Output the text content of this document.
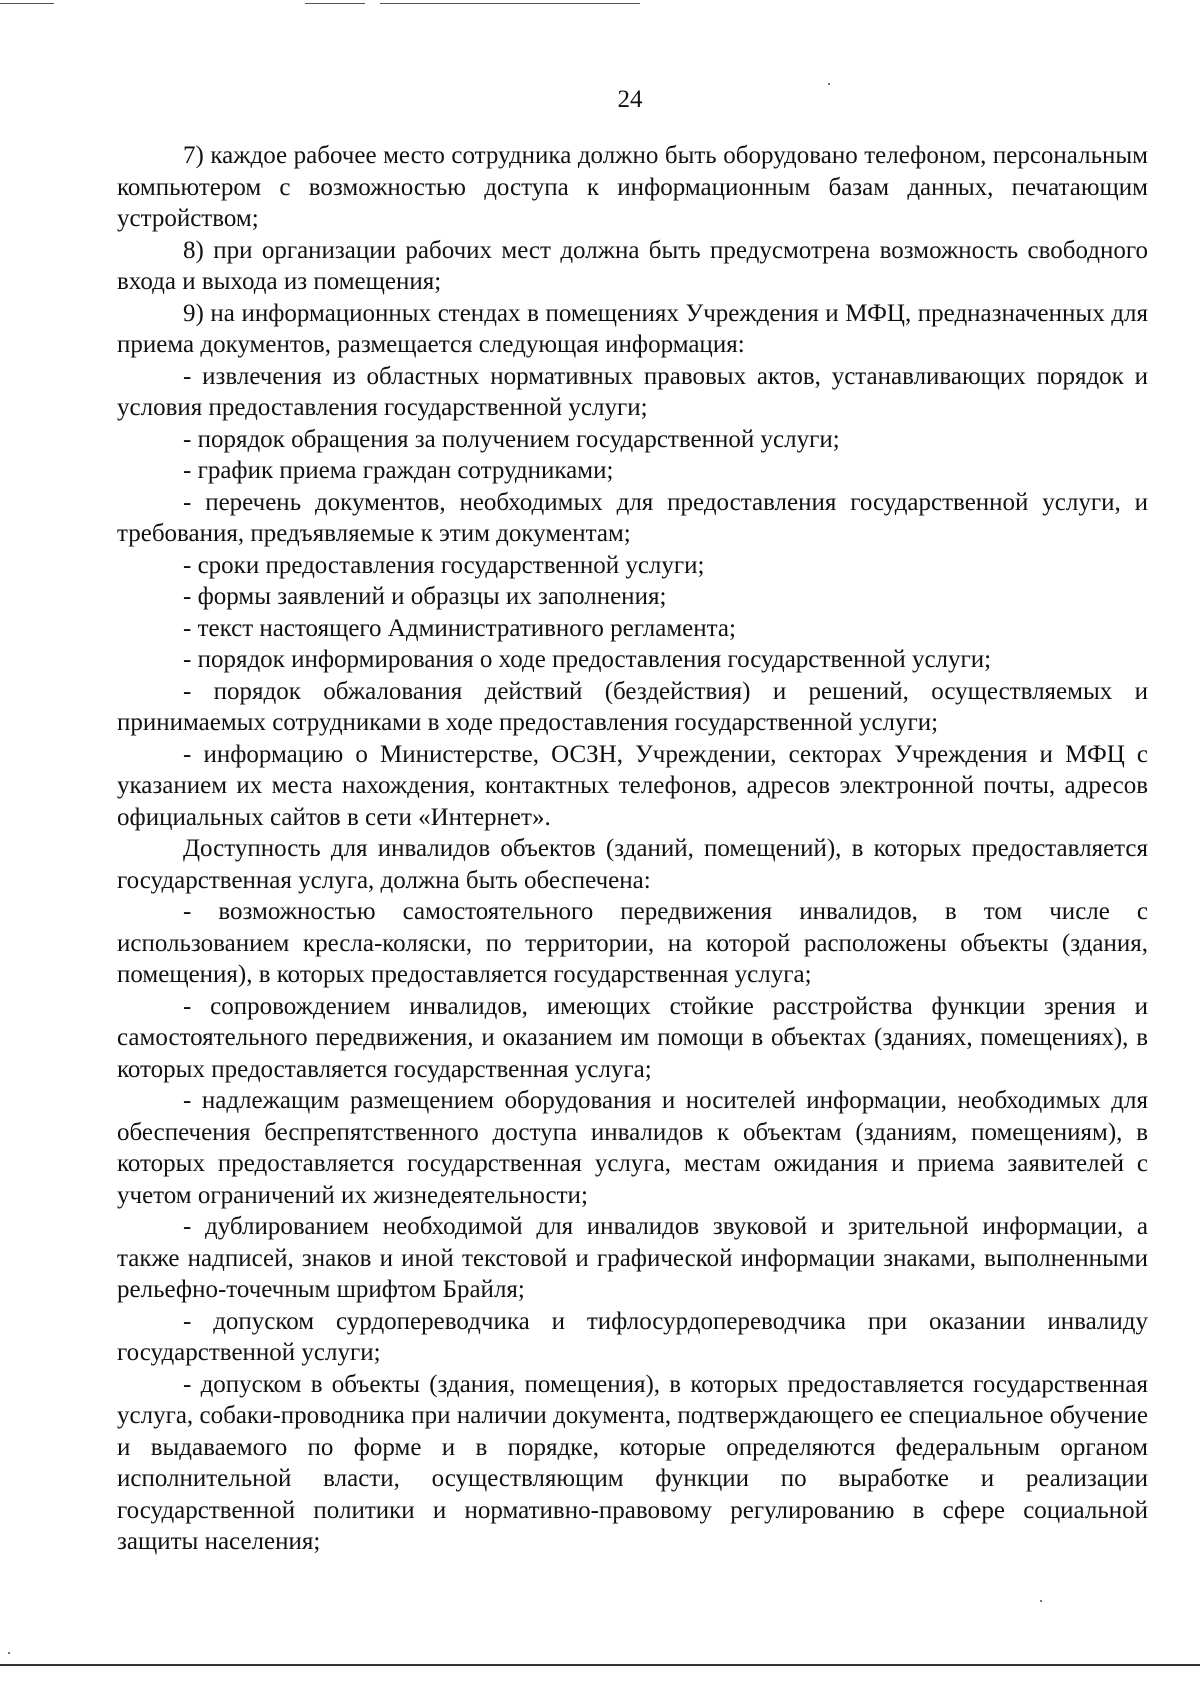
24

7) каждое рабочее место сотрудника должно быть оборудовано телефоном, персональным компьютером с возможностью доступа к информационным базам данных, печатающим устройством;

8) при организации рабочих мест должна быть предусмотрена возможность свободного входа и выхода из помещения;

9) на информационных стендах в помещениях Учреждения и МФЦ, предназначенных для приема документов, размещается следующая информация:

- извлечения из областных нормативных правовых актов, устанавливающих порядок и условия предоставления государственной услуги;

- порядок обращения за получением государственной услуги;

- график приема граждан сотрудниками;

- перечень документов, необходимых для предоставления государственной услуги, и требования, предъявляемые к этим документам;

- сроки предоставления государственной услуги;

- формы заявлений и образцы их заполнения;

- текст настоящего Административного регламента;

- порядок информирования о ходе предоставления государственной услуги;

- порядок обжалования действий (бездействия) и решений, осуществляемых и принимаемых сотрудниками в ходе предоставления государственной услуги;

- информацию о Министерстве, ОСЗН, Учреждении, секторах Учреждения и МФЦ с указанием их места нахождения, контактных телефонов, адресов электронной почты, адресов официальных сайтов в сети «Интернет».

Доступность для инвалидов объектов (зданий, помещений), в которых предоставляется государственная услуга, должна быть обеспечена:

- возможностью самостоятельного передвижения инвалидов, в том числе с использованием кресла-коляски, по территории, на которой расположены объекты (здания, помещения), в которых предоставляется государственная услуга;

- сопровождением инвалидов, имеющих стойкие расстройства функции зрения и самостоятельного передвижения, и оказанием им помощи в объектах (зданиях, помещениях), в которых предоставляется государственная услуга;

- надлежащим размещением оборудования и носителей информации, необходимых для обеспечения беспрепятственного доступа инвалидов к объектам (зданиям, помещениям), в которых предоставляется государственная услуга, местам ожидания и приема заявителей с учетом ограничений их жизнедеятельности;

- дублированием необходимой для инвалидов звуковой и зрительной информации, а также надписей, знаков и иной текстовой и графической информации знаками, выполненными рельефно-точечным шрифтом Брайля;

- допуском сурдопереводчика и тифлосурдопереводчика при оказании инвалиду государственной услуги;

- допуском в объекты (здания, помещения), в которых предоставляется государственная услуга, собаки-проводника при наличии документа, подтверждающего ее специальное обучение и выдаваемого по форме и в порядке, которые определяются федеральным органом исполнительной власти, осуществляющим функции по выработке и реализации государственной политики и нормативно-правовому регулированию в сфере социальной защиты населения;
